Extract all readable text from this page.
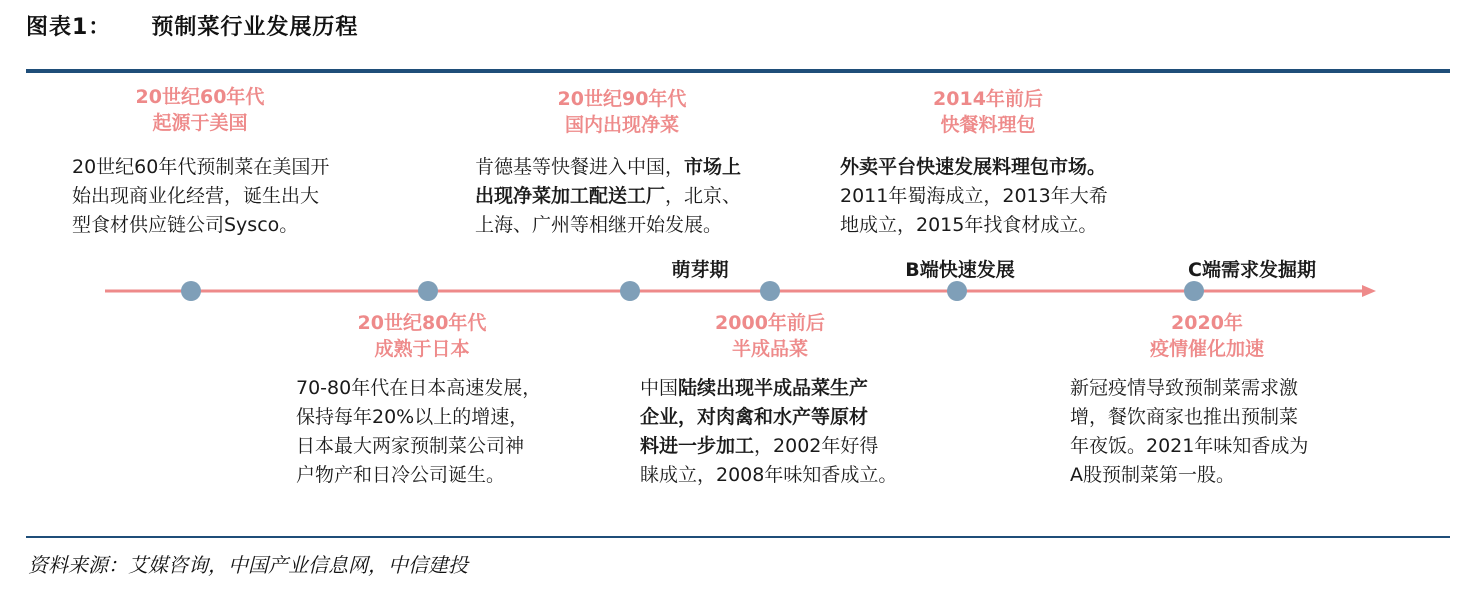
图表1： 预制菜行业发展历程
20世纪60年代
起源于美国
20世纪60年代预制菜在美国开
始出现商业化经营，诞生出大
型食材供应链公司Sysco。
20世纪80年代
成熟于日本
70-80年代在日本高速发展，
保持每年20%以上的增速，
日本最大两家预制菜公司神
户物产和日冷公司诞生。
20世纪90年代
国内出现净菜
肯德基等快餐进入中国，市场上
出现净菜加工配送工厂，北京、
上海、广州等相继开始发展。
2000年前后
半成品菜
中国陆续出现半成品菜生产
企业，对肉禽和水产等原材
料进一步加工，2002年好得
睐成立，2008年味知香成立。
2014年前后
快餐料理包
外卖平台快速发展料理包市场。
2011年蜀海成立，2013年大希
地成立，2015年找食材成立。
2020年
疫情催化加速
新冠疫情导致预制菜需求激
增，餐饮商家也推出预制菜
年夜饭。2021年味知香成为
A股预制菜第一股。
萌芽期	B端快速发展	C端需求发掘期
资料来源：艾媒咨询，中国产业信息网，中信建投
